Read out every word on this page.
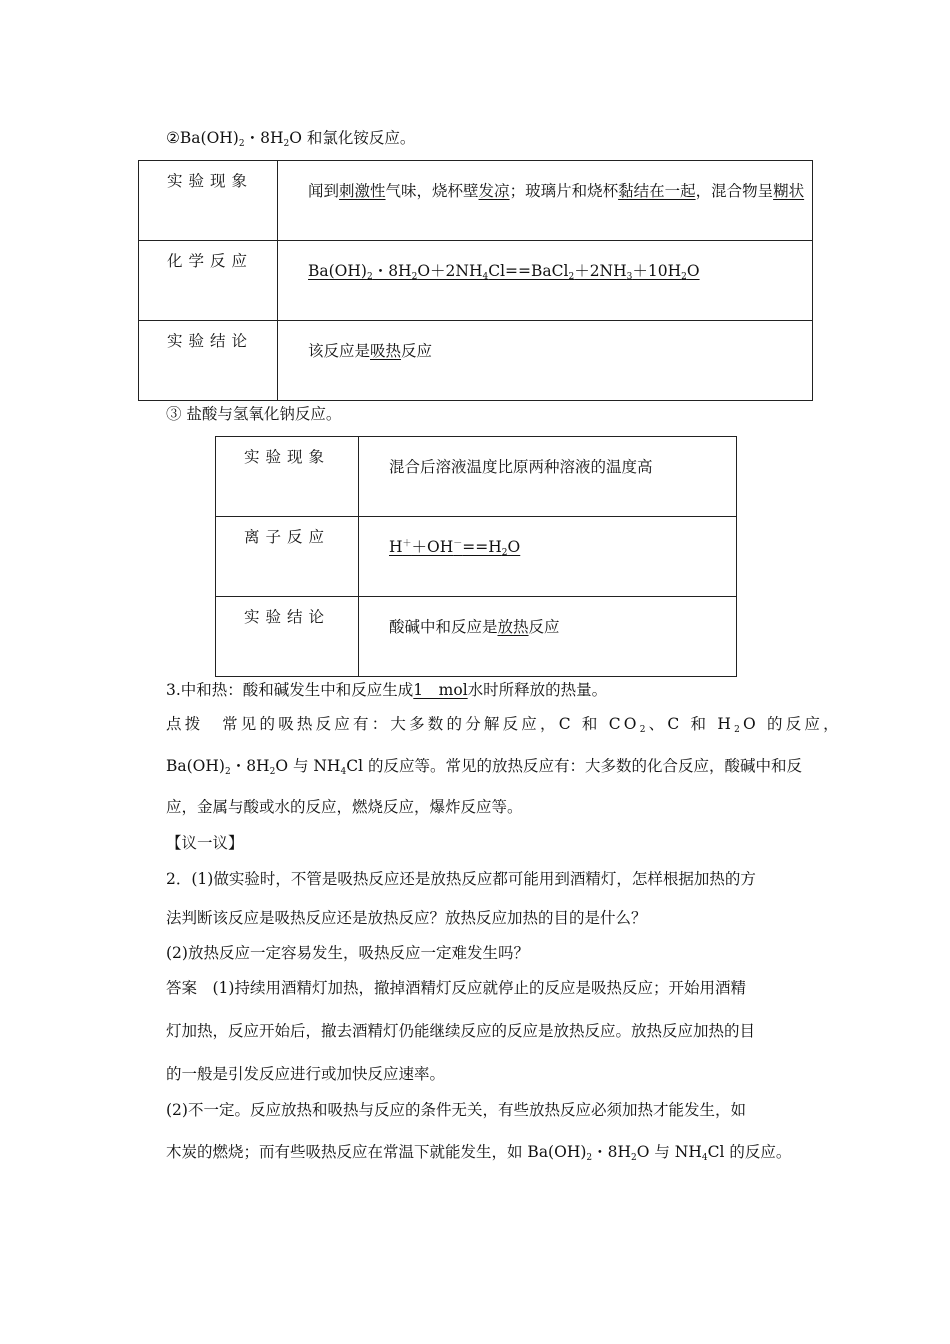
$②Ba(OH)_2$・$8H_2O$ 和氯化铵反应。
实验现象	闻到刺激性气味，烧杯壁发凉；玻璃片和烧杯黏结在一起，混合物呈糊状
化学反应	$Ba(OH)_2$・$8H_2O+2NH_4Cl==BaCl_2+2NH_3+10H_2O$
实验结论	该反应是吸热反应
③ 盐酸与氢氧化钠反应。
实验现象	混合后溶液温度比原两种溶液的温度高
离子反应	$H^++OH^-==H_2O$
实验结论	酸碱中和反应是放热反应
3.中和热：酸和碱发生中和反应生成1　mol水时所释放的热量。
点拨　常见的吸热反应有：大多数的分解反应，C 和 $CO_2$、C 和 $H_2O$ 的反应，
$Ba(OH)_2$・$8H_2O$ 与 $NH_4Cl$ 的反应等。常见的放热反应有：大多数的化合反应，酸碱中和反
应，金属与酸或水的反应，燃烧反应，爆炸反应等。
【议一议】
2．(1)做实验时，不管是吸热反应还是放热反应都可能用到酒精灯，怎样根据加热的方
法判断该反应是吸热反应还是放热反应？放热反应加热的目的是什么？
(2)放热反应一定容易发生，吸热反应一定难发生吗？
答案　(1)持续用酒精灯加热，撤掉酒精灯反应就停止的反应是吸热反应；开始用酒精
灯加热，反应开始后，撤去酒精灯仍能继续反应的反应是放热反应。放热反应加热的目
的一般是引发反应进行或加快反应速率。
(2)不一定。反应放热和吸热与反应的条件无关，有些放热反应必须加热才能发生，如
木炭的燃烧；而有些吸热反应在常温下就能发生，如 $Ba(OH)_2$・$8H_2O$ 与 $NH_4Cl$ 的反应。
